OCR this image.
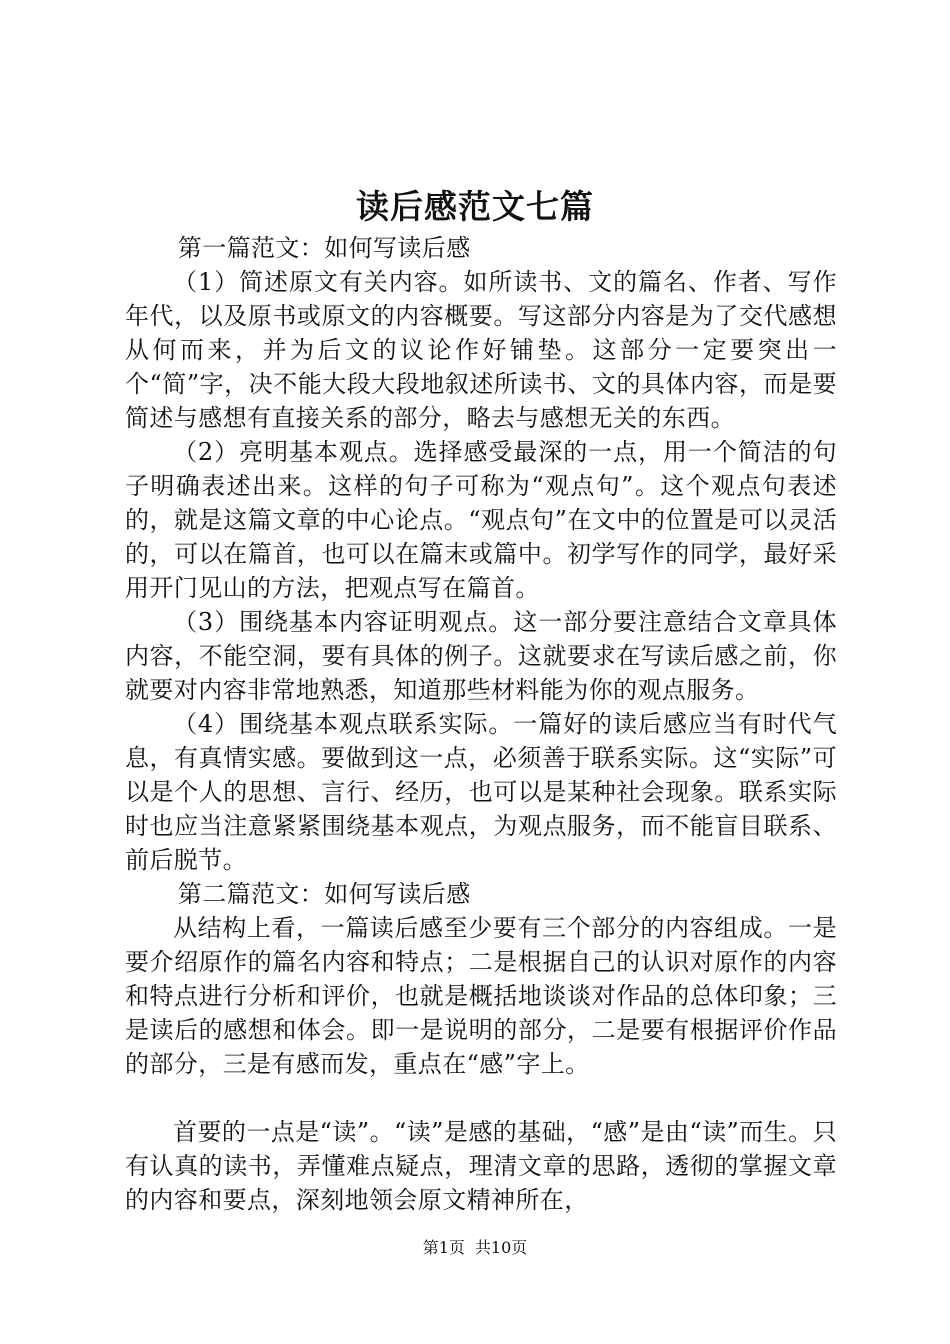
读后感范文七篇

第一篇范文：如何写读后感

（1）简述原文有关内容。如所读书、文的篇名、作者、写作年代，以及原书或原文的内容概要。写这部分内容是为了交代感想从何而来，并为后文的议论作好铺垫。这部分一定要突出一个“简”字，决不能大段大段地叙述所读书、文的具体内容，而是要简述与感想有直接关系的部分，略去与感想无关的东西。

（2）亮明基本观点。选择感受最深的一点，用一个简洁的句子明确表述出来。这样的句子可称为“观点句”。这个观点句表述的，就是这篇文章的中心论点。“观点句”在文中的位置是可以灵活的，可以在篇首，也可以在篇末或篇中。初学写作的同学，最好采用开门见山的方法，把观点写在篇首。

（3）围绕基本内容证明观点。这一部分要注意结合文章具体内容，不能空洞，要有具体的例子。这就要求在写读后感之前，你就要对内容非常地熟悉，知道那些材料能为你的观点服务。

（4）围绕基本观点联系实际。一篇好的读后感应当有时代气息，有真情实感。要做到这一点，必须善于联系实际。这“实际”可以是个人的思想、言行、经历，也可以是某种社会现象。联系实际时也应当注意紧紧围绕基本观点，为观点服务，而不能盲目联系、前后脱节。

第二篇范文：如何写读后感

从结构上看，一篇读后感至少要有三个部分的内容组成。一是要介绍原作的篇名内容和特点；二是根据自己的认识对原作的内容和特点进行分析和评价，也就是概括地谈谈对作品的总体印象；三是读后的感想和体会。即一是说明的部分，二是要有根据评价作品的部分，三是有感而发，重点在“感”字上。

首要的一点是“读”。“读”是感的基础，“感”是由“读”而生。只有认真的读书，弄懂难点疑点，理清文章的思路，透彻的掌握文章的内容和要点，深刻地领会原文精神所在，

第1页 共10页
